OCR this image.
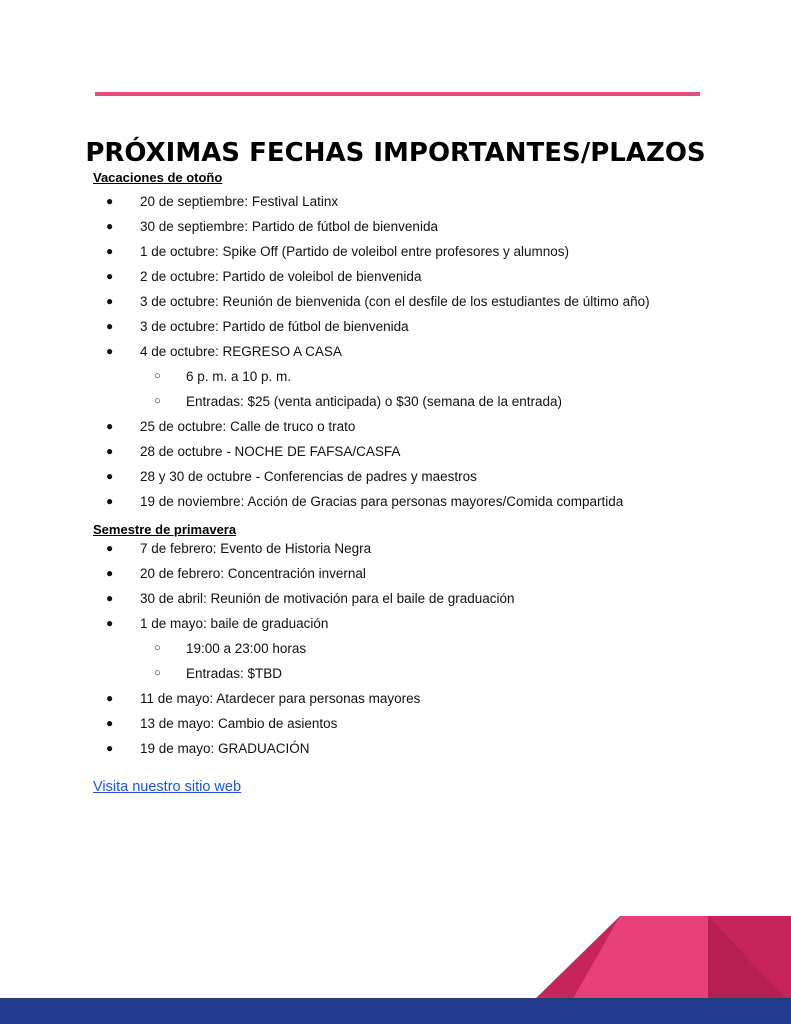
PRÓXIMAS FECHAS IMPORTANTES/PLAZOS
Vacaciones de otoño
● 20 de septiembre: Festival Latinx
● 30 de septiembre: Partido de fútbol de bienvenida
● 1 de octubre: Spike Off (Partido de voleibol entre profesores y alumnos)
● 2 de octubre: Partido de voleibol de bienvenida
● 3 de octubre: Reunión de bienvenida (con el desfile de los estudiantes de último año)
● 3 de octubre: Partido de fútbol de bienvenida
● 4 de octubre: REGRESO A CASA
○ 6 p. m. a 10 p. m.
○ Entradas: $25 (venta anticipada) o $30 (semana de la entrada)
● 25 de octubre: Calle de truco o trato
● 28 de octubre - NOCHE DE FAFSA/CASFA
● 28 y 30 de octubre - Conferencias de padres y maestros
● 19 de noviembre: Acción de Gracias para personas mayores/Comida compartida
Semestre de primavera
● 7 de febrero: Evento de Historia Negra
● 20 de febrero: Concentración invernal
● 30 de abril: Reunión de motivación para el baile de graduación
● 1 de mayo: baile de graduación
○ 19:00 a 23:00 horas
○ Entradas: $TBD
● 11 de mayo: Atardecer para personas mayores
● 13 de mayo: Cambio de asientos
● 19 de mayo: GRADUACIÓN
Visita nuestro sitio web
